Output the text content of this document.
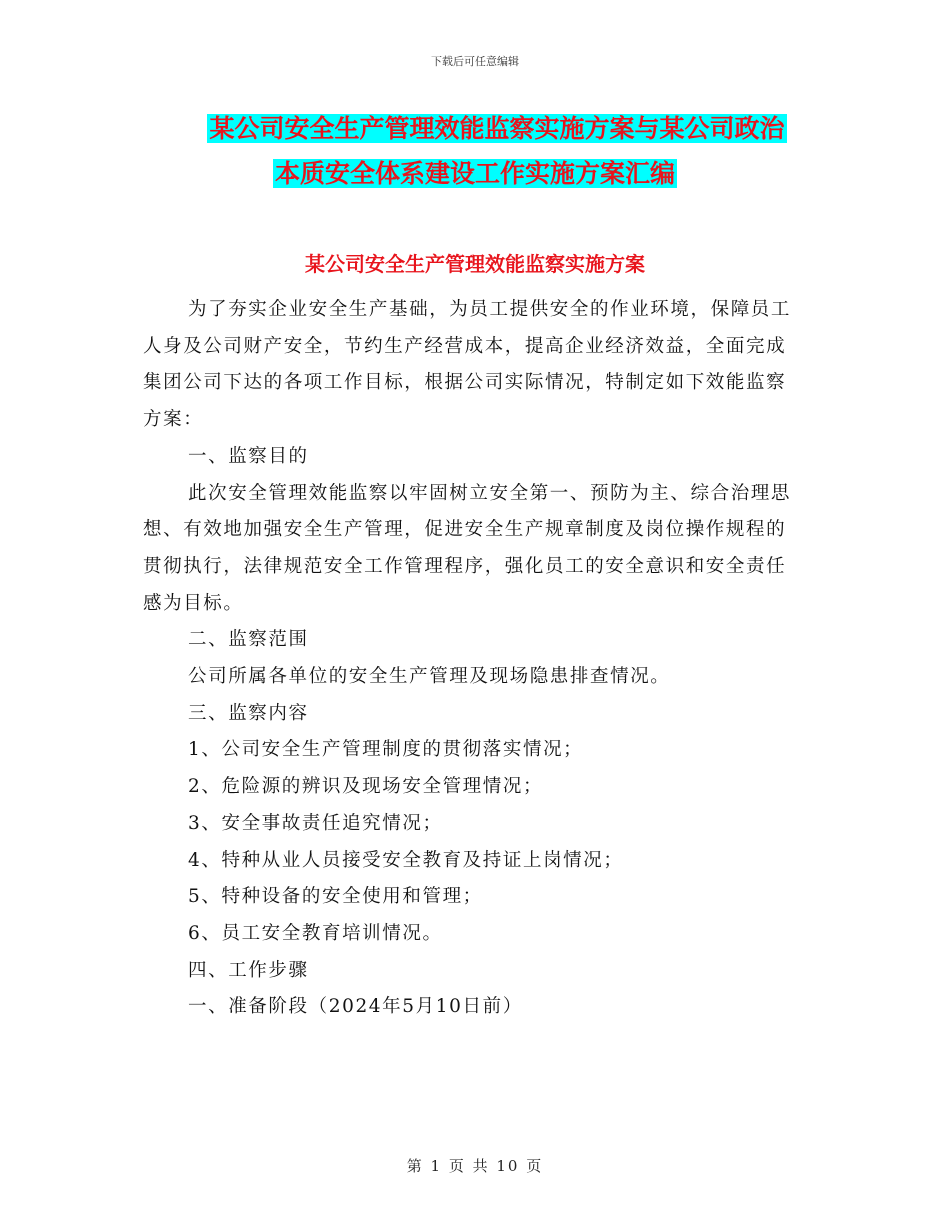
下载后可任意编辑
某公司安全生产管理效能监察实施方案与某公司政治
本质安全体系建设工作实施方案汇编
某公司安全生产管理效能监察实施方案

为了夯实企业安全生产基础，为员工提供安全的作业环境，保障员工人身及公司财产安全，节约生产经营成本，提高企业经济效益，全面完成集团公司下达的各项工作目标，根据公司实际情况，特制定如下效能监察方案：

一、监察目的

此次安全管理效能监察以牢固树立安全第一、预防为主、综合治理思想、有效地加强安全生产管理，促进安全生产规章制度及岗位操作规程的贯彻执行，法律规范安全工作管理程序，强化员工的安全意识和安全责任感为目标。

二、监察范围

公司所属各单位的安全生产管理及现场隐患排查情况。

三、监察内容

1、公司安全生产管理制度的贯彻落实情况；

2、危险源的辨识及现场安全管理情况；

3、安全事故责任追究情况；

4、特种从业人员接受安全教育及持证上岗情况；

5、特种设备的安全使用和管理；

6、员工安全教育培训情况。

四、工作步骤

一、准备阶段（2024年5月10日前）

第 1 页 共 10 页
